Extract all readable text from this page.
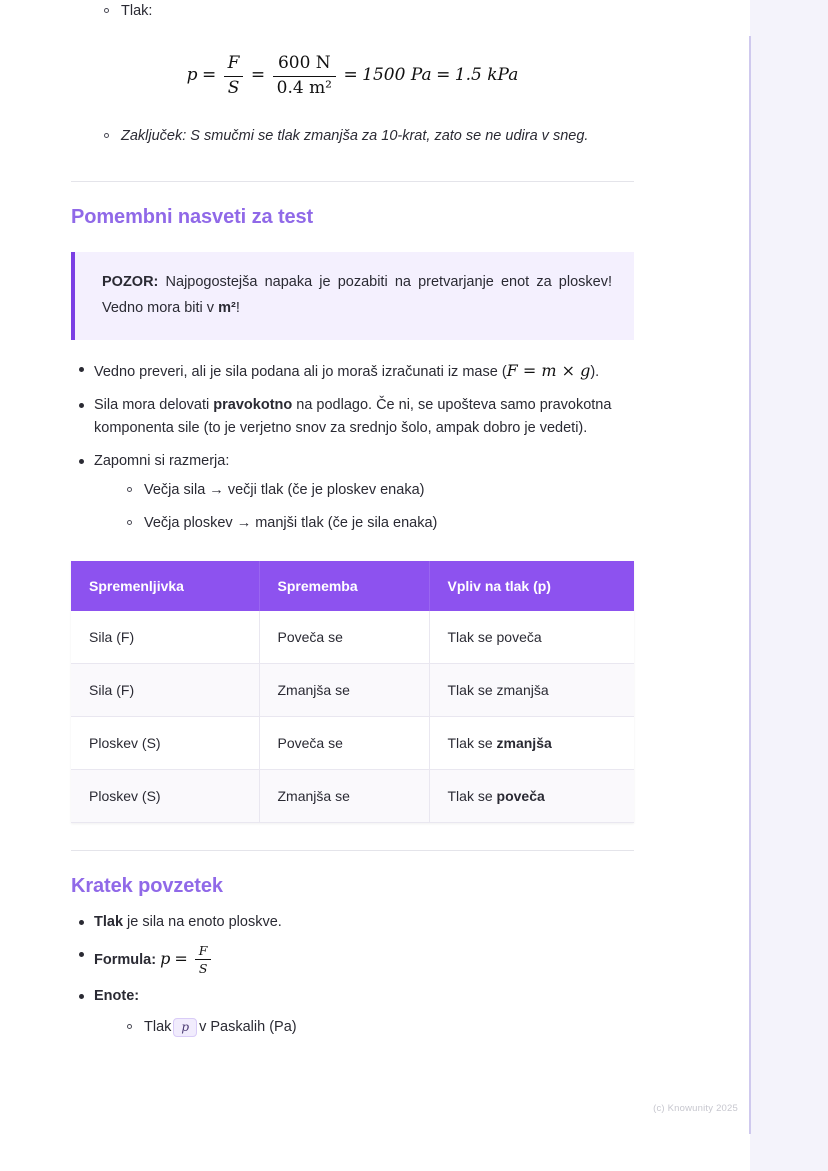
Tlak:
$p = \frac{F}{S} = \frac{600 N}{\text{0.4 m²}} = 1500$ Pa = 1.5 kPa
Zaključek: S smučmi se tlak zmanjša za 10-krat, zato se ne udira v sneg.
Pomembni nasveti za test
POZOR: Najpogostejša napaka je pozabiti na pretvarjanje enot za ploskev! Vedno mora biti v m²!
Vedno preveri, ali je sila podana ali jo moraš izračunati iz mase (F = m × g).
Sila mora delovati pravokotno na podlago. Če ni, se upošteva samo pravokotna komponenta sile (to je verjetno snov za srednjo šolo, ampak dobro je vedeti).
Zapomni si razmerja:
Večja sila → večji tlak (če je ploskev enaka)
Večja ploskev → manjši tlak (če je sila enaka)
Spremenljivka	Sprememba	Vpliv na tlak (p)
Sila (F)	Poveča se	Tlak se poveča
Sila (F)	Zmanjša se	Tlak se zmanjša
Ploskev (S)	Poveča se	Tlak se zmanjša
Ploskev (S)	Zmanjša se	Tlak se poveča
Kratek povzetek
Tlak je sila na enoto ploskve.
Formula: $p = \frac{F}{S}$
Enote:
Tlak p v Paskalih (Pa)
(c) Knowunity 2025
